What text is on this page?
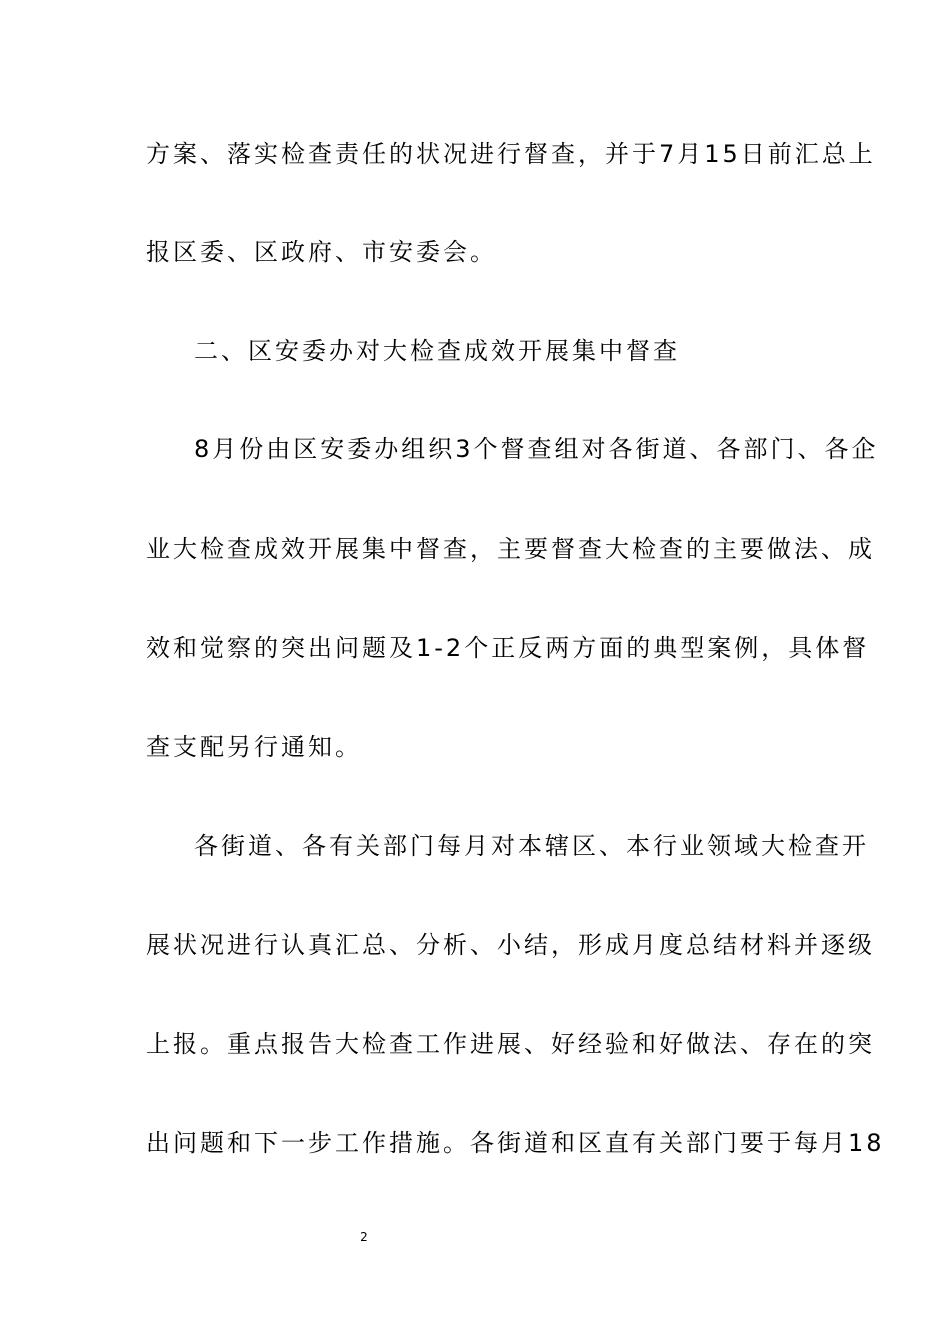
方案、落实检查责任的状况进行督查，并于7月15日前汇总上
报区委、区政府、市安委会。
二、区安委办对大检查成效开展集中督查
8月份由区安委办组织3个督查组对各街道、各部门、各企
业大检查成效开展集中督查，主要督查大检查的主要做法、成
效和觉察的突出问题及1-2个正反两方面的典型案例，具体督
查支配另行通知。
各街道、各有关部门每月对本辖区、本行业领域大检查开
展状况进行认真汇总、分析、小结，形成月度总结材料并逐级
上报。重点报告大检查工作进展、好经验和好做法、存在的突
出问题和下一步工作措施。各街道和区直有关部门要于每月18
2
